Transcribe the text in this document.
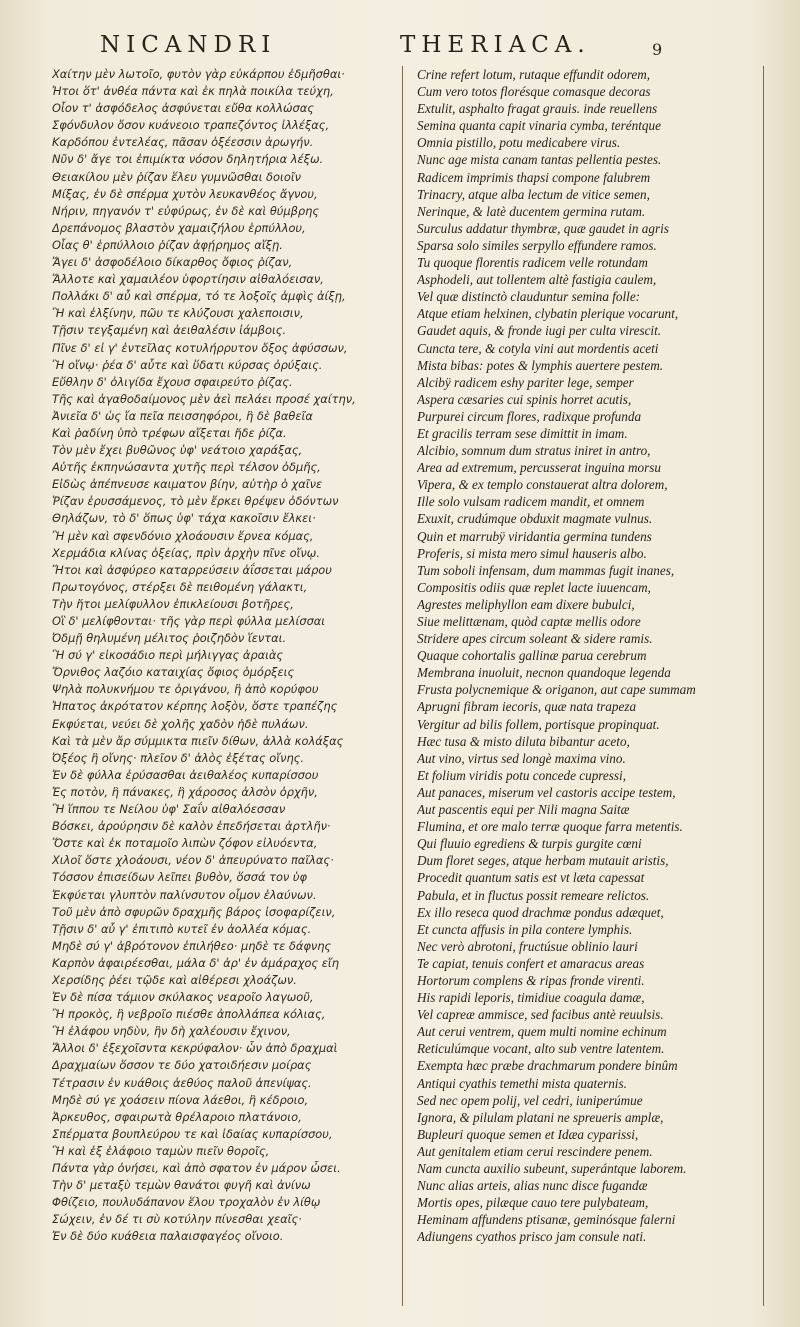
NICANDRI	THERIACA.	9
Χαίτην μὲν λωτοῖο, φυτὸν γὰρ εὐκάρπου ἐδμῆσθαι·
Ἠτοι ὅτ' ἀνθέα πάντα καὶ ἐκ πηλὰ ποικίλα τεύχη,
Οἶον τ' ἀσφόδελος ἀσφύνεται εὔθα κολλώσας
Σφόνδυλον ὄσον κυάνεοιο τραπεζόντος ἰλλέξας,
Καρδόπου ἐντελέας, πᾶσαν ὀξέεσσιν ἀρωγήν.
Νῦν δ' ἄγε τοι ἐπιμίκτα νόσον δηλητήρια λέξω.
Θειακίλου μὲν ῥίζαν ἕλευ γυμνῶσθαι δοιοῖν
Μίξας, ἐν δὲ σπέρμα χυτὸν λευκανθέος ἄγνου,
Νήριν, πηγανόν τ' εὐφύρως, ἐν δὲ καὶ θύμβρης
Δρεπάνομος βλαστὸν χαμαιζήλου ἑρπύλλου,
Οἷας θ' ἑρπύλλοιο ῥίζαν ἀφῄρημος αἴξῃ.
Ἄγει δ' ἀσφοδέλοιο δίκαρθος ὄφιος ῥίζαν,
Ἄλλοτε καὶ χαμαιλέον ὑφορτίησιν αἰθαλόεισαν,
Πολλάκι δ' αὖ καὶ σπέρμα, τό τε λοξοῖς ἀμφὶς ἀίξῃ,
Ἢ καὶ ἐλξίνην, πῶυ τε κλύζουσι χαλεποισιν,
Τῇσιν τεγξαμένη καὶ ἀειθαλέσιν ἰάμβοις.
Πῖνε δ' εἰ γ' ἐντεῖλας κοτυλήρρυτον ὄξος ἀφύσσων,
Ἢ οἴνῳ· ῥέα δ' αὖτε καὶ ὕδατι κύρσας ὀρύξαις.
Εὔθλην δ' ὀλιγίδα ἔχουσ σφαιρεύτο ῥίζας.
Τῆς καὶ ἀγαθοδαίμονος μὲν ἀεὶ πελάει προσέ χαίτην,
Ἀνιεῖα δ' ὡς ἴα πεῖα πεισσηφόροι, ἢ δὲ βαθεῖα
Καὶ ῥαδίνη ὑπὸ τρέφων αἴξεται ἤδε ῥίζα.
Τὸν μὲν ἔχει βυθῶνος ὑφ' νεάτοιο χαράξας,
Αὐτῆς ἐκπηνώσαντα χυτῆς περὶ τέλσον ὀδμῆς,
Εἰδὼς ἀπέπνευσε καιματον βίην, αὐτὴρ ὁ χαῖνε
Ῥίζαν ἐρυσσάμενος, τὸ μὲν ἔρκει θρέψεν ὀδόντων
Θηλάζων, τὸ δ' ὅπως ὑφ' τάχα κακοῖσιν ἔλκει·
Ἢ μὲν καὶ σφενδόνιο χλοάουσιν ἔρνεα κόμας,
Χερμάδια κλίνας ὀξείας, πρὶν ἀρχὴν πῖνε οἴνῳ.
Ἤτοι καὶ ἀσφύρεο καταρρεύσειν ἀΐσσεται μάρου
Πρωτογόνος, στέρξει δὲ πειθομένη γάλακτι,
Τὴν ἤτοι μελίφυλλον ἐπικλείουσι βοτῆρες,
Οἳ δ' μελίφθονται· τῆς γὰρ περὶ φύλλα μελίσσαι
Ὀδμῇ θηλυμένη μέλιτος ῥοιζηδὸν ἵενται.
Ἢ σύ γ' εἰκοσάδιο περὶ μήλιγγας ἀραιὰς
Ὄρνιθος λαζόιο καταιχίας ὄφιος ὁμόρξεις
Ψηλὰ πολυκνήμου τε ὀριγάνου, ἢ ἀπὸ κορύφου
Ἠπατος ἀκρότατον κέρπης λοξὸν, ὅστε τραπέζης
Εκφύεται, νεύει δὲ χολῆς χαδὸν ἠδὲ πυλάων.
Καὶ τὰ μὲν ἄρ σύμμικτα πιεῖν δίθων, ἀλλὰ κολάξας
Ὀξέος ἢ οἴνης· πλεῖον δ' ἀλὸς ἐξέτας οἴνης.
Ἐν δὲ φύλλα ἐρύσασθαι ἀειθαλέος κυπαρίσσου
Ἐς ποτὸν, ἢ πάνακες, ἢ χάροσος ἀλσὸν ὀρχῆν,
Ἢ ἵππου τε Νείλου ὑφ' Σαΐν αἰθαλόεσσαν
Βόσκει, ἀρούρησιν δὲ καλὸν ἐπεδήσεται ἀρτλῆν·
Ὅστε καὶ ἐκ ποταμοῖο λιπὼν ζόφον εἰλυόεντα,
Χιλοῖ ὅστε χλοάουσι, νέον δ' ἀπευρύνατο παῖλας·
Τόσσον ἐπισείδων λεῖπει βυθὸν, ὅσσά τον ὑφ
Ἐκφύεται γλυπτὸν παλίνσυτον οἶμον ἐλαύνων.
Τοῦ μὲν ἀπὸ σφυρῶν δραχμῆς βάρος ἰσοφαρίζειν,
Τῇσιν δ' αὖ γ' ἐπιτιπὸ κυτεῖ ἐν ἀολλέα κόμας.
Μηδὲ σύ γ' ἀβρότονον ἐπιλήθεο· μηδὲ τε δάφνης
Καρπὸν ἀφαιρέεσθαι, μάλα δ' ἀρ' ἐν ἀμάραχος εἴη
Χερσίδης ῥέει τῷδε καὶ αἰθέρεσι χλοάζων.
Ἐν δὲ πίσα τάμιον σκύλακος νεαροῖο λαγωοῦ,
Ἢ προκὸς, ἢ νεβροῖο πιέσθε ἀπολλάπεα κόλιας,
Ἢ ἐλάφου νηδὺν, ἢν δὴ χαλέουσιν ἔχινον,
Ἄλλοι δ' ἐξεχοῖσντα κεκρύφαλον· ὧν ἀπὸ δραχμαὶ
Δραχμαίων ὅσσον τε δύο χατοιδήεσιν μοίρας
Τέτρασιν ἐν κυάθοις ἀεθύος παλοῦ ἀπενίψας.
Μηδὲ σύ γε χοάσειν πίονα λάεθοι, ἢ κέδροιο,
Ἀρκευθος, σφαιρωτὰ θρέλαροιο πλατάνοιο,
Σπέρματα βουπλεύρου τε καὶ ἰδαίας κυπαρίσσου,
Ἢ καὶ ἐξ ἐλάφοιο ταμὼν πιεῖν θοροῖς,
Πάντα γὰρ ὀνήσει, καὶ ἀπὸ σφατον ἐν μάρον ὦσει.
Τὴν δ' μεταξὺ τεμὼν θανάτοι φυγῆ καὶ ἀνίνω
Φθίζειο, πουλυδάπανον ἕλου τροχαλὸν ἐν λίθῳ
Σώχειν, ἐν δέ τι σὺ κοτύλην πίνεσθαι χεαῖς·
Ἐν δὲ δύο κυάθεια παλαισφαγέος οἴνοιο.
Crine refert lotum, rutaque effundit odorem,
Cum vero totos florésque comasque decoras
Extulit, asphalto fragat grauis. inde reuellens
Semina quanta capit vinaria cymba, teréntque
Omnia pistillo, potu medicabere virus.
Nunc age mista canam tantas pellentia pestes.
Radicem imprimis thapsi compone falubrem
Trinacry, atque alba lectum de vitice semen,
Nerinque, & latè ducentem germina rutam.
Surculus addatur thymbræ, quæ gaudet in agris
Sparsa solo similes serpyllo effundere ramos.
Tu quoque florentis radicem velle rotundam
Asphodeli, aut tollentem altè fastigia caulem,
Vel quæ distinctò clauduntur semina folle:
Atque etiam helxinen, clybatin plerique vocarunt,
Gaudet aquis, & fronde iugi per culta virescit.
Cuncta tere, & cotyla vini aut mordentis aceti
Mista bibas: potes & lymphis auertere pestem.
Alcibÿ radicem eshy pariter lege, semper
Aspera cæsaries cui spinis horret acutis,
Purpurei circum flores, radixque profunda
Et gracilis terram sese dimittit in imam.
Alcibio, somnum dum stratus iniret in antro,
Area ad extremum, percusserat inguina morsu
Vipera, & ex templo constauerat altra dolorem,
Ille solo vulsam radicem mandit, et omnem
Exuxit, crudúmque obduxit magmate vulnus.
Quin et marrubÿ viridantia germina tundens
Proferis, si mista mero simul hauseris albo.
Tum soboli infensam, dum mammas fugit inanes,
Compositis odiis quæ replet lacte iuuencam,
Agrestes meliphyllon eam dixere bubulci,
Siue melittænam, quòd captæ mellis odore
Stridere apes circum soleant & sidere ramis.
Quaque cohortalis gallinæ parua cerebrum
Membrana inuoluit, necnon quandoque legenda
Frusta polycnemique & origanon, aut cape summam
Aprugni fibram iecoris, quæ nata trapeza
Vergitur ad bilis follem, portisque propinquat.
Hæc tusa & misto diluta bibantur aceto,
Aut vino, virtus sed longè maxima vino.
Et folium viridis potu concede cupressi,
Aut panaces, miserum vel castoris accipe testem,
Aut pascentis equi per Nili magna Saitæ
Flumina, et ore malo terræ quoque farra metentis.
Qui fluuio egrediens & turpis gurgite cœni
Dum floret seges, atque herbam mutauit aristis,
Procedit quantum satis est vt læta capessat
Pabula, et in fluctus possit remeare relictos.
Ex illo reseca quod drachmæ pondus adæquet,
Et cuncta affusis in pila contere lymphis.
Nec verò abrotoni, fructúsue oblinio lauri
Te capiat, tenuis confert et amaracus areas
Hortorum complens & ripas fronde virenti.
His rapidi leporis, timidiue coagula damæ,
Vel capreæ ammisce, sed facibus antè reuulsis.
Aut cerui ventrem, quem multi nomine echinum
Reticulúmque vocant, alto sub ventre latentem.
Exempta hæc præbe drachmarum pondere binûm
Antiqui cyathis temethi mista quaternis.
Sed nec opem polij, vel cedri, iuniperúmue
Ignora, & pilulam platani ne spreueris amplæ,
Bupleuri quoque semen et Idæa cyparissi,
Aut genitalem etiam cerui rescindere penem.
Nam cuncta auxilio subeunt, superántque laborem.
Nunc alias arteis, alias nunc disce fugandæ
Mortis opes, pilæque cauo tere pulybateam,
Heminam affundens ptisanæ, geminósque falerni
Adiungens cyathos prisco jam consule nati.
